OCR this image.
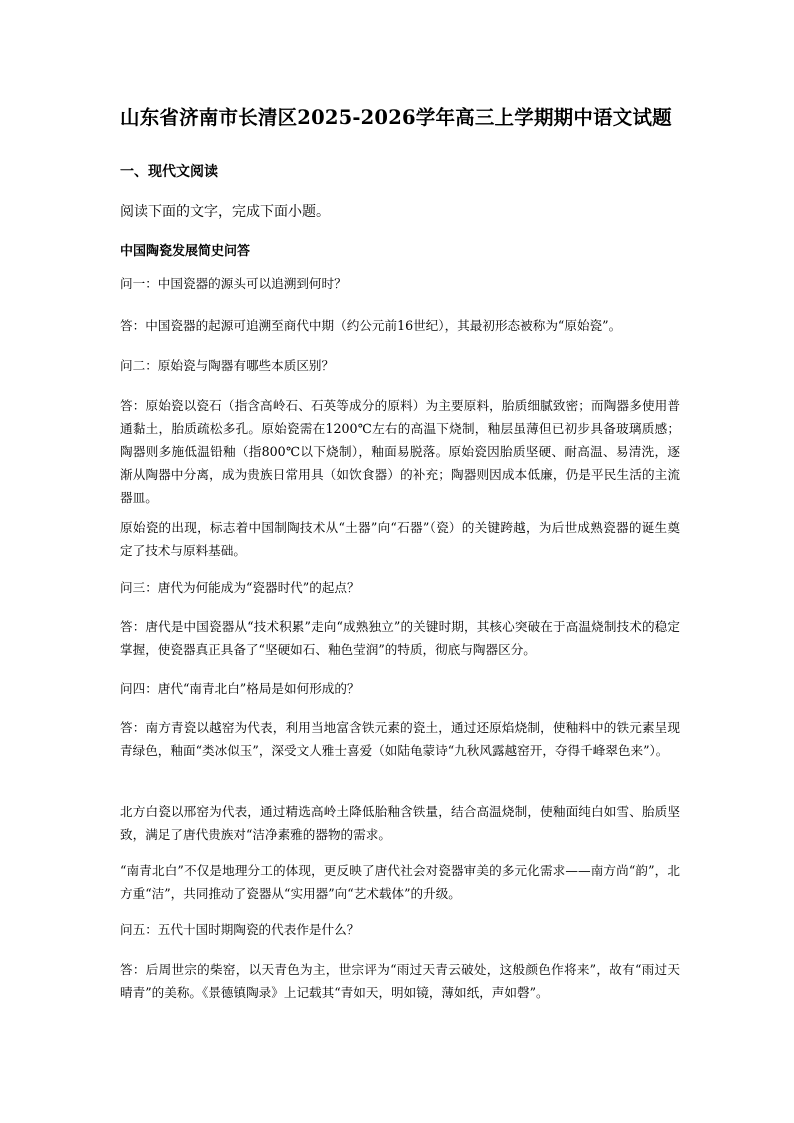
山东省济南市长清区2025-2026学年高三上学期期中语文试题
一、现代文阅读
阅读下面的文字，完成下面小题。
中国陶瓷发展简史问答
问一：中国瓷器的源头可以追溯到何时？
答：中国瓷器的起源可追溯至商代中期（约公元前16世纪），其最初形态被称为“原始瓷”。
问二：原始瓷与陶器有哪些本质区别？
答：原始瓷以瓷石（指含高岭石、石英等成分的原料）为主要原料，胎质细腻致密；而陶器多使用普通黏土，胎质疏松多孔。原始瓷需在1200℃左右的高温下烧制，釉层虽薄但已初步具备玻璃质感；陶器则多施低温铅釉（指800℃以下烧制），釉面易脱落。原始瓷因胎质坚硬、耐高温、易清洗，逐渐从陶器中分离，成为贵族日常用具（如饮食器）的补充；陶器则因成本低廉，仍是平民生活的主流器皿。
原始瓷的出现，标志着中国制陶技术从“土器”向“石器”（瓷）的关键跨越，为后世成熟瓷器的诞生奠定了技术与原料基础。
问三：唐代为何能成为“瓷器时代”的起点？
答：唐代是中国瓷器从“技术积累”走向“成熟独立”的关键时期，其核心突破在于高温烧制技术的稳定掌握，使瓷器真正具备了“坚硬如石、釉色莹润”的特质，彻底与陶器区分。
问四：唐代“南青北白”格局是如何形成的？
答：南方青瓷以越窑为代表，利用当地富含铁元素的瓷土，通过还原焰烧制，使釉料中的铁元素呈现青绿色，釉面“类冰似玉”，深受文人雅士喜爱（如陆龟蒙诗“九秋风露越窑开，夺得千峰翠色来”）。
北方白瓷以邢窑为代表，通过精选高岭土降低胎釉含铁量，结合高温烧制，使釉面纯白如雪、胎质坚致，满足了唐代贵族对“洁净素雅的器物的需求。
“南青北白”不仅是地理分工的体现，更反映了唐代社会对瓷器审美的多元化需求——南方尚“韵”，北方重“洁”，共同推动了瓷器从“实用器”向“艺术载体”的升级。
问五：五代十国时期陶瓷的代表作是什么？
答：后周世宗的柴窑，以天青色为主，世宗评为“雨过天青云破处，这般颜色作将来”，故有“雨过天晴青”的美称。《景德镇陶录》上记载其“青如天，明如镜，薄如纸，声如磬”。
